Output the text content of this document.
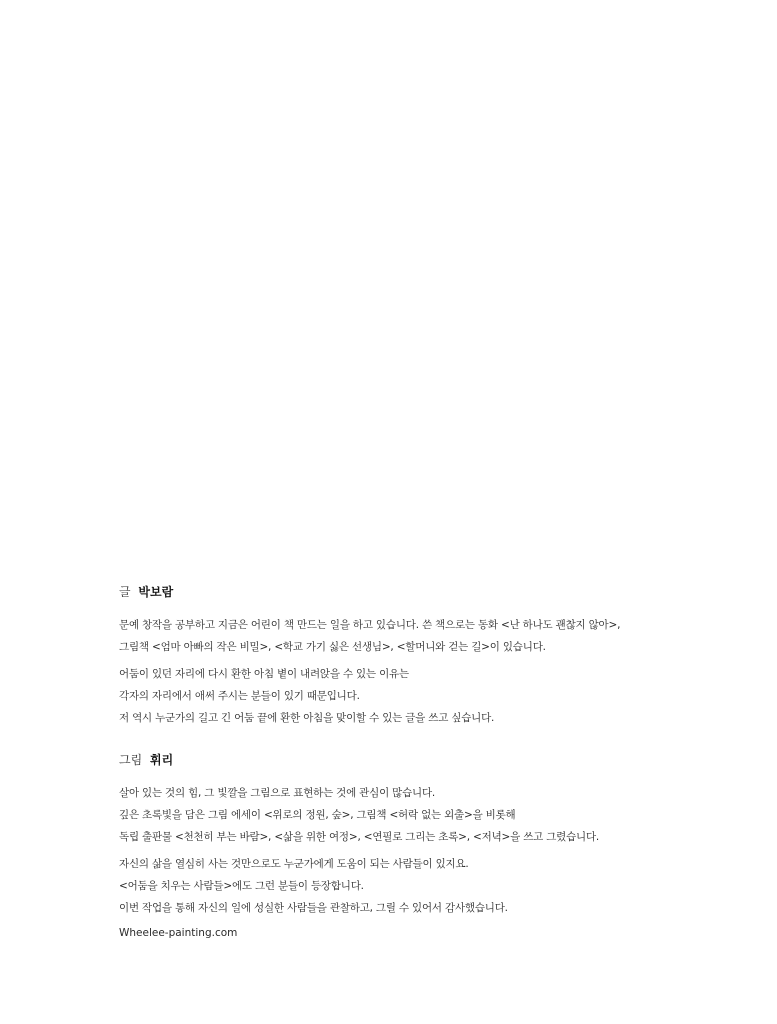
글 박보람
문예 창작을 공부하고 지금은 어린이 책 만드는 일을 하고 있습니다. 쓴 책으로는 동화 <난 하나도 괜찮지 않아>,
그림책 <엄마 아빠의 작은 비밀>, <학교 가기 싫은 선생님>, <할머니와 걷는 길>이 있습니다.
어둠이 있던 자리에 다시 환한 아침 볕이 내려앉을 수 있는 이유는
각자의 자리에서 애써 주시는 분들이 있기 때문입니다.
저 역시 누군가의 길고 긴 어둠 끝에 환한 아침을 맞이할 수 있는 글을 쓰고 싶습니다.
그림 휘리
살아 있는 것의 힘, 그 빛깔을 그림으로 표현하는 것에 관심이 많습니다.
깊은 초록빛을 담은 그림 에세이 <위로의 정원, 숲>, 그림책 <허락 없는 외출>을 비롯해
독립 출판물 <천천히 부는 바람>, <삶을 위한 여정>, <연필로 그리는 초록>, <저녁>을 쓰고 그렸습니다.
자신의 삶을 열심히 사는 것만으로도 누군가에게 도움이 되는 사람들이 있지요.
<어둠을 치우는 사람들>에도 그런 분들이 등장합니다.
이번 작업을 통해 자신의 일에 성실한 사람들을 관찰하고, 그릴 수 있어서 감사했습니다.
Wheelee-painting.com
